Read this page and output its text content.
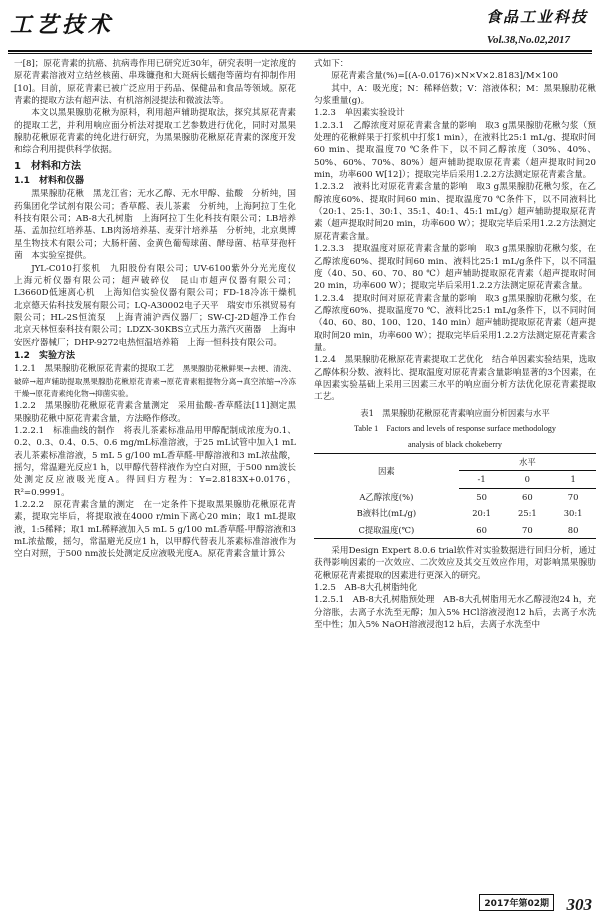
工艺技术	食品工业科技
Vol.38,No.02,2017

一[8]；原花青素的抗癌、抗病毒作用已研究近30年，研究表明一定浓度的原花青素溶液对立结丝核菌、串珠镰孢和大斑病长蠕孢等菌均有抑制作用[10]。目前，原花青素已被广泛应用于药品、保健品和食品等领域。原花青素的提取方法有超声法、有机溶剂浸提法和微波法等。

本文以黑果腺肋花楸为原料，利用超声辅助提取法，探究其原花青素的提取工艺，并利用响应面分析法对提取工艺参数进行优化，同时对黑果腺肋花楸原花青素的纯化进行研究，为黑果腺肋花楸原花青素的深度开发和综合利用提供科学依据。

1　材料和方法
1.1　材料和仪器

黑果腺肋花楸　黑龙江省；无水乙醇、无水甲醇、盐酸　分析纯，国药集团化学试剂有限公司；香草醛、表儿茶素　分析纯，上海阿拉丁生化科技有限公司；AB-8大孔树脂　上海阿拉丁生化科技有限公司；LB培养基、孟加拉红培养基、LB肉汤培养基、麦芽汁培养基　分析纯，北京奥博星生物技术有限公司；大肠杆菌、金黄色葡萄球菌、酵母菌、枯草芽孢杆菌　本实验室提供。

JYL-C010打浆机　九阳股份有限公司；UV-6100紫外分光光度仪　上海元析仪器有限公司；超声破碎仪　昆山市超声仪器有限公司；L3660D低速离心机　上海知信实验仪器有限公司；FD-18冷冻干燥机　北京德天佑科技发展有限公司；LQ-A30002电子天平　瑞安市乐祺贸易有限公司；HL-2S恒流泵　上海青浦沪西仪器厂；SW-CJ-2D超净工作台　北京天林恒泰科技有限公司；LDZX-30KBS立式压力蒸汽灭菌器　上海申安医疗器械厂；DHP-9272电热恒温培养箱　上海一恒科技有限公司。

1.2　实验方法

1.2.1　黑果腺肋花楸原花青素的提取工艺　 黑果腺肋花楸鲜果→去梗、清洗、破碎→超声辅助提取黑果腺肋花楸原花青素→原花青素粗提物分离→真空浓缩→冷冻干燥→原花青素纯化物→抑菌实验。

1.2.2　黑果腺肋花楸原花青素含量测定　 采用盐酸-香草醛法[11]测定黑果腺肋花楸中原花青素含量，方法略作修改。

1.2.2.1　标准曲线的制作　 将表儿茶素标准品用甲醇配制成浓度为0.1、0.2、0.3、0.4、0.5、0.6 mg/mL标准溶液，于25 mL试管中加入1 mL表儿茶素标准溶液，5 mL 5 g/100 mL香草醛-甲醇溶液和3 mL浓盐酸，摇匀，常温避光反应1 h，以甲醇代替样液作为空白对照，于500 nm波长处测定反应液吸光度A。得回归方程为：Y=2.8183X+0.0176，R²=0.9991。

1.2.2.2　原花青素含量的测定　 在一定条件下提取黑果腺肋花楸原花青素，提取完毕后，将提取液在4000 r/min下离心20 min；取1 mL提取液，1:5稀释；取1 mL稀释液加入5 mL 5 g/100 mL香草醛-甲醇溶液和3 mL浓盐酸，摇匀，常温避光反应1 h，以甲醇代替表儿茶素标准溶液作为空白对照，于500 nm波长处测定反应液吸光度A。原花青素含量计算公

式如下：

原花青素含量(%)=[(A-0.0176)×N×V×2.8183]/M×100

其中，A：吸光度；N：稀释倍数；V：溶液体积；M：黑果腺肋花楸匀浆重量(g)。

1.2.3　单因素实验设计

1.2.3.1　乙醇浓度对原花青素含量的影响　 取3 g黑果腺肋花楸匀浆（预处理的花楸鲜果于打浆机中打浆1 min），在液料比25:1 mL/g、提取时间60 min、提取温度70 ℃条件下，以不同乙醇浓度（30%、40%、50%、60%、70%、80%）超声辅助提取原花青素（超声提取时间20 min，功率600 W[12]）；提取完毕后采用1.2.2方法测定原花青素含量。

1.2.3.2　液料比对原花青素含量的影响　 取3 g黑果腺肋花楸匀浆，在乙醇浓度60%、提取时间60 min、提取温度70 ℃条件下，以不同液料比（20:1、25:1、30:1、35:1、40:1、45:1 mL/g）超声辅助提取原花青素（超声提取时间20 min，功率600 W）；提取完毕后采用1.2.2方法测定原花青素含量。

1.2.3.3　提取温度对原花青素含量的影响　 取3 g黑果腺肋花楸匀浆，在乙醇浓度60%、提取时间60 min、液料比25:1 mL/g条件下，以不同温度（40、50、60、70、80 ℃）超声辅助提取原花青素（超声提取时间20 min，功率600 W）；提取完毕后采用1.2.2方法测定原花青素含量。

1.2.3.4　提取时间对原花青素含量的影响　 取3 g黑果腺肋花楸匀浆，在乙醇浓度60%、提取温度70 ℃、液料比25:1 mL/g条件下，以不同时间（40、60、80、100、120、140 min）超声辅助提取原花青素（超声提取时间20 min，功率600 W）；提取完毕后采用1.2.2方法测定原花青素含量。

1.2.4　黑果腺肋花楸原花青素提取工艺优化　 结合单因素实验结果，选取乙醇体积分数、液料比、提取温度对原花青素含量影响显著的3个因素，在单因素实验基础上采用三因素三水平的响应面分析方法优化原花青素提取工艺。

表1　黑果腺肋花楸原花青素响应面分析因素与水平
Table 1　Factors and levels of response surface methodology
analysis of black chokeberry
因素	水平		
	-1	0	1
A乙醇浓度(%)	50	60	70
B液料比(mL/g)	20:1	25:1	30:1
C提取温度(℃)	60	70	80

采用Design Expert 8.0.6 trial软件对实验数据进行回归分析，通过获得影响因素的一次效应、二次效应及其交互效应作用，对影响黑果腺肋花楸原花青素提取的因素进行更深入的研究。

1.2.5　AB-8大孔树脂纯化

1.2.5.1　AB-8大孔树脂预处理　 AB-8大孔树脂用无水乙醇浸泡24 h，充分溶胀，去离子水洗至无醇；加入5% HCl溶液浸泡12 h后，去离子水洗至中性；加入5% NaOH溶液浸泡12 h后，去离子水洗至中

2017年第02期 303
